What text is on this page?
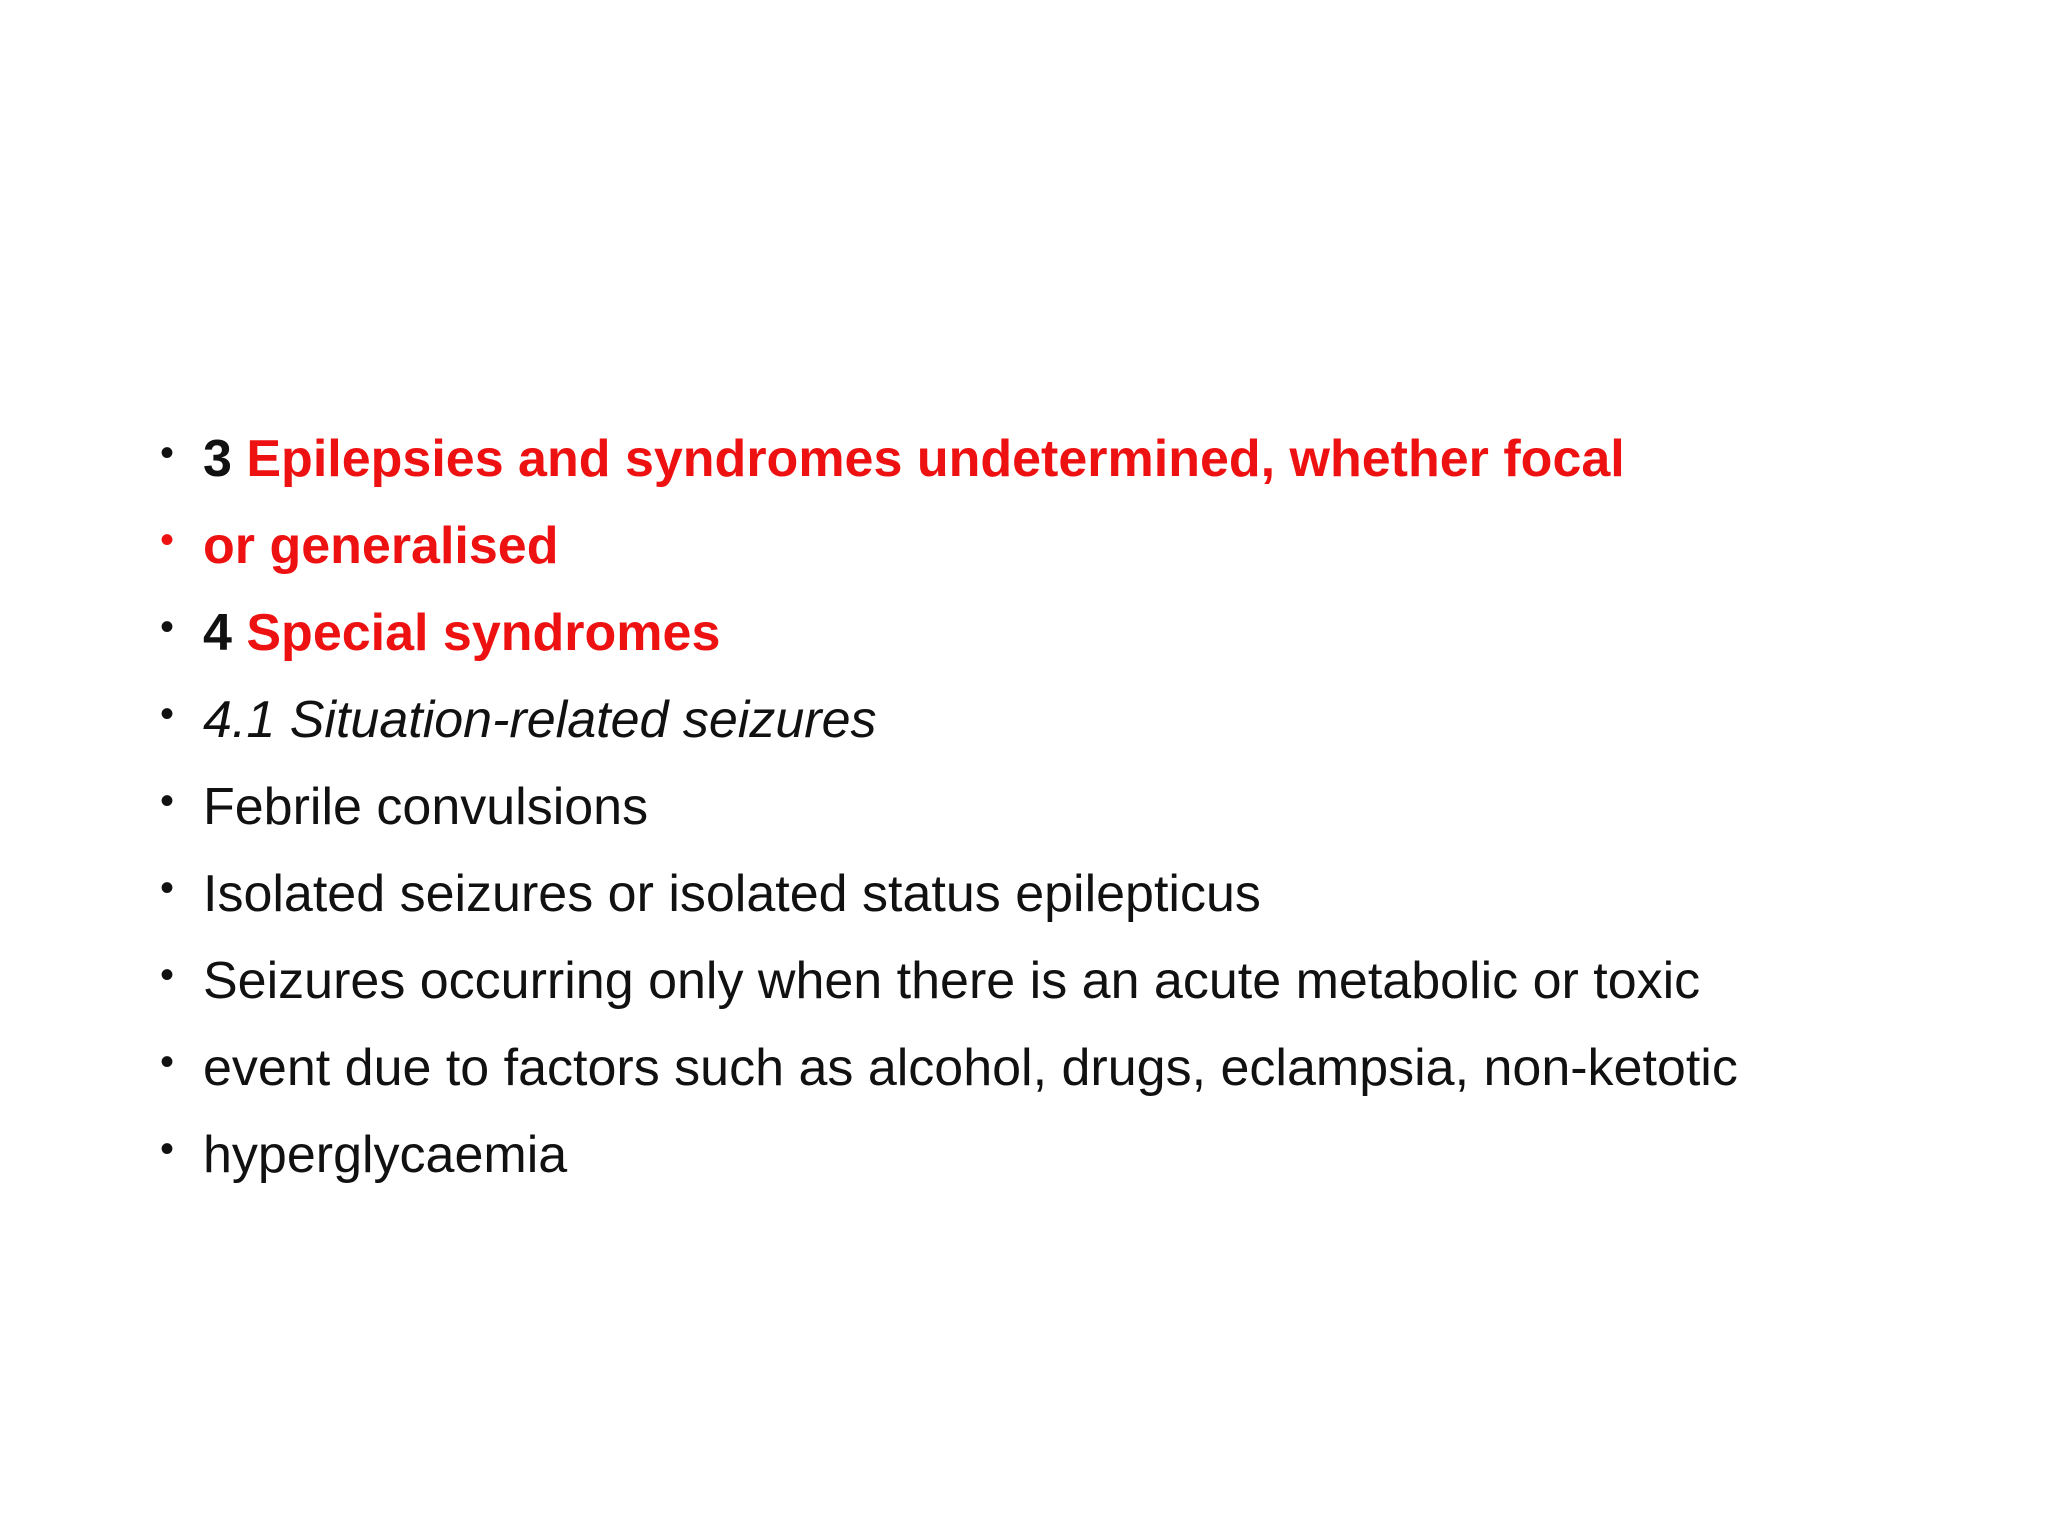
• 3 Epilepsies and syndromes undetermined, whether focal
• or generalised
• 4 Special syndromes
• 4.1 Situation-related seizures
• Febrile convulsions
• Isolated seizures or isolated status epilepticus
• Seizures occurring only when there is an acute metabolic or toxic
• event due to factors such as alcohol, drugs, eclampsia, non-ketotic
• hyperglycaemia
